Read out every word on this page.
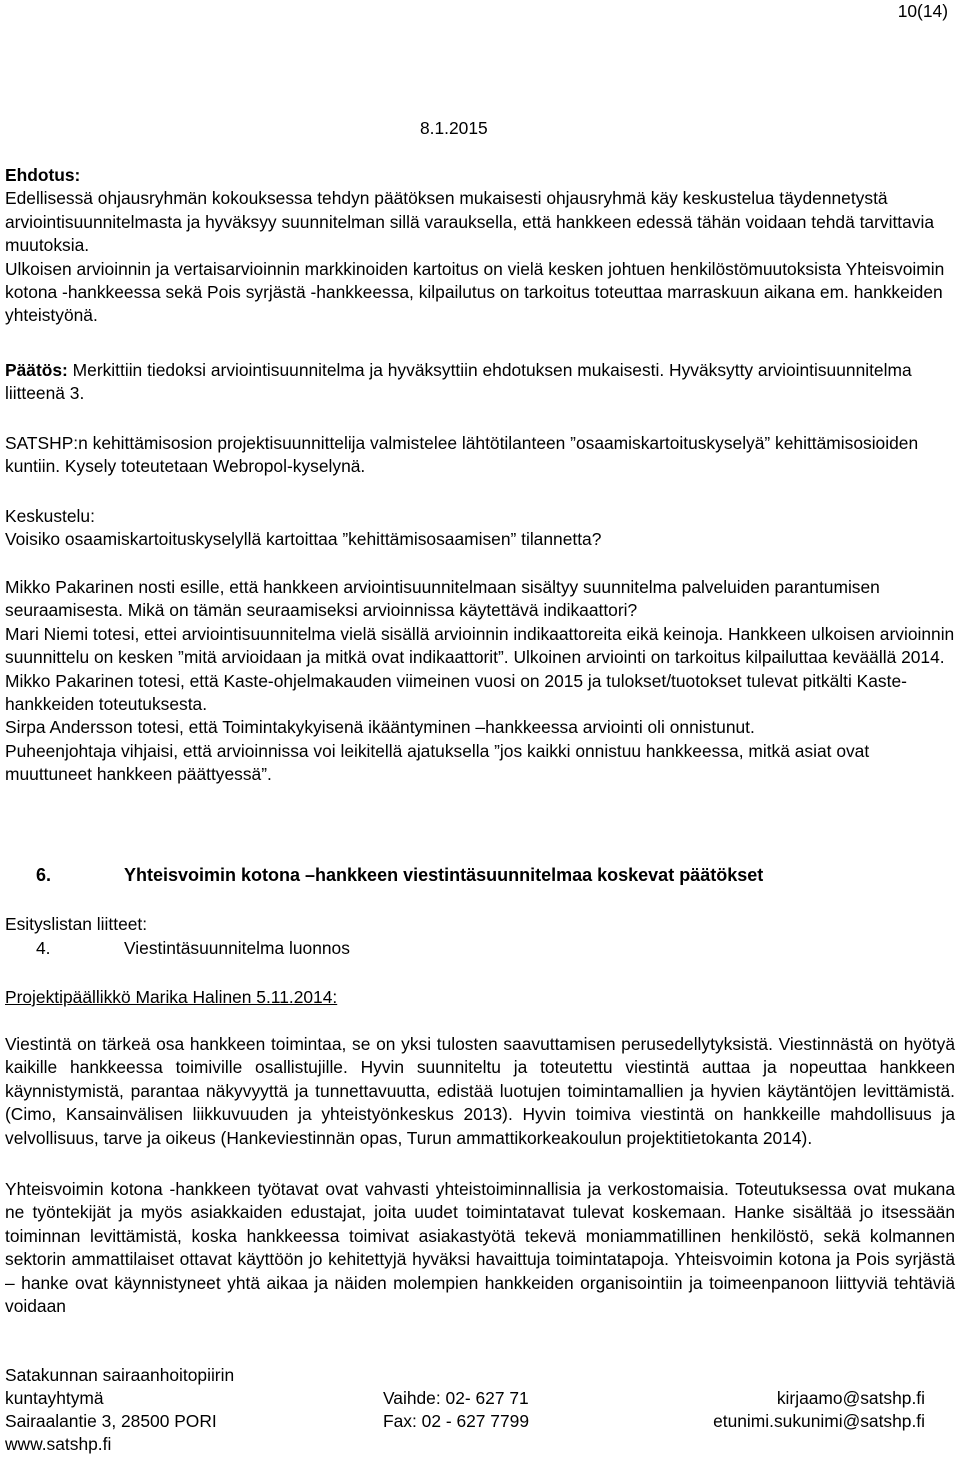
10(14)
8.1.2015

Ehdotus:

Edellisessä ohjausryhmän kokouksessa tehdyn päätöksen mukaisesti ohjausryhmä käy keskustelua täydennetystä arviointisuunnitelmasta ja hyväksyy suunnitelman sillä varauksella, että hankkeen edessä tähän voidaan tehdä tarvittavia muutoksia.

Ulkoisen arvioinnin ja vertaisarvioinnin markkinoiden kartoitus on vielä kesken johtuen henkilöstömuutoksista Yhteisvoimin kotona -hankkeessa sekä Pois syrjästä -hankkeessa, kilpailutus on tarkoitus toteuttaa marraskuun aikana em. hankkeiden yhteistyönä.

Päätös: Merkittiin tiedoksi arviointisuunnitelma ja hyväksyttiin ehdotuksen mukaisesti. Hyväksytty arviointisuunnitelma liitteenä 3.

SATSHP:n kehittämisosion projektisuunnittelija valmistelee lähtötilanteen ”osaamiskartoituskyselyä” kehittämisosioiden kuntiin. Kysely toteutetaan Webropol-kyselynä.

Keskustelu:

Voisiko osaamiskartoituskyselyllä kartoittaa ”kehittämisosaamisen” tilannetta?

Mikko Pakarinen nosti esille, että hankkeen arviointisuunnitelmaan sisältyy suunnitelma palveluiden parantumisen seuraamisesta. Mikä on tämän seuraamiseksi arvioinnissa käytettävä indikaattori?

Mari Niemi totesi, ettei arviointisuunnitelma vielä sisällä arvioinnin indikaattoreita eikä keinoja. Hankkeen ulkoisen arvioinnin suunnittelu on kesken ”mitä arvioidaan ja mitkä ovat indikaattorit”. Ulkoinen arviointi on tarkoitus kilpailuttaa keväällä 2014.

Mikko Pakarinen totesi, että Kaste-ohjelmakauden viimeinen vuosi on 2015 ja tulokset/tuotokset tulevat pitkälti Kaste-hankkeiden toteutuksesta.

Sirpa Andersson totesi, että Toimintakykyisenä ikääntyminen –hankkeessa arviointi oli onnistunut.

Puheenjohtaja vihjaisi, että arvioinnissa voi leikitellä ajatuksella ”jos kaikki onnistuu hankkeessa, mitkä asiat ovat muuttuneet hankkeen päättyessä”.

6.	Yhteisvoimin kotona –hankkeen viestintäsuunnitelmaa koskevat päätökset
Esityslistan liitteet:
4.	Viestintäsuunnitelma luonnos
Projektipäällikkö Marika Halinen 5.11.2014:

Viestintä on tärkeä osa hankkeen toimintaa, se on yksi tulosten saavuttamisen perusedellytyksistä. Viestinnästä on hyötyä kaikille hankkeessa toimiville osallistujille. Hyvin suunniteltu ja toteutettu viestintä auttaa ja nopeuttaa hankkeen käynnistymistä, parantaa näkyvyyttä ja tunnettavuutta, edistää luotujen toimintamallien ja hyvien käytäntöjen levittämistä. (Cimo, Kansainvälisen liikkuvuuden ja yhteistyönkeskus 2013). Hyvin toimiva viestintä on hankkeille mahdollisuus ja velvollisuus, tarve ja oikeus (Hankeviestinnän opas, Turun ammattikorkeakoulun projektitietokanta 2014).

Yhteisvoimin kotona -hankkeen työtavat ovat vahvasti yhteistoiminnallisia ja verkostomaisia. Toteutuksessa ovat mukana ne työntekijät ja myös asiakkaiden edustajat, joita uudet toimintatavat tulevat koskemaan. Hanke sisältää jo itsessään toiminnan levittämistä, koska hankkeessa toimivat asiakastyötä tekevä moniammatillinen henkilöstö, sekä kolmannen sektorin ammattilaiset ottavat käyttöön jo kehitettyjä hyväksi havaittuja toimintatapoja. Yhteisvoimin kotona ja Pois syrjästä – hanke ovat käynnistyneet yhtä aikaa ja näiden molempien hankkeiden organisointiin ja toimeenpanoon liittyviä tehtäviä voidaan

Satakunnan sairaanhoitopiirin
kuntayhtymä	Vaihde: 02- 627 71	kirjaamo@satshp.fi
Sairaalantie 3, 28500 PORI	Fax: 02 - 627 7799	etunimi.sukunimi@satshp.fi
www.satshp.fi
